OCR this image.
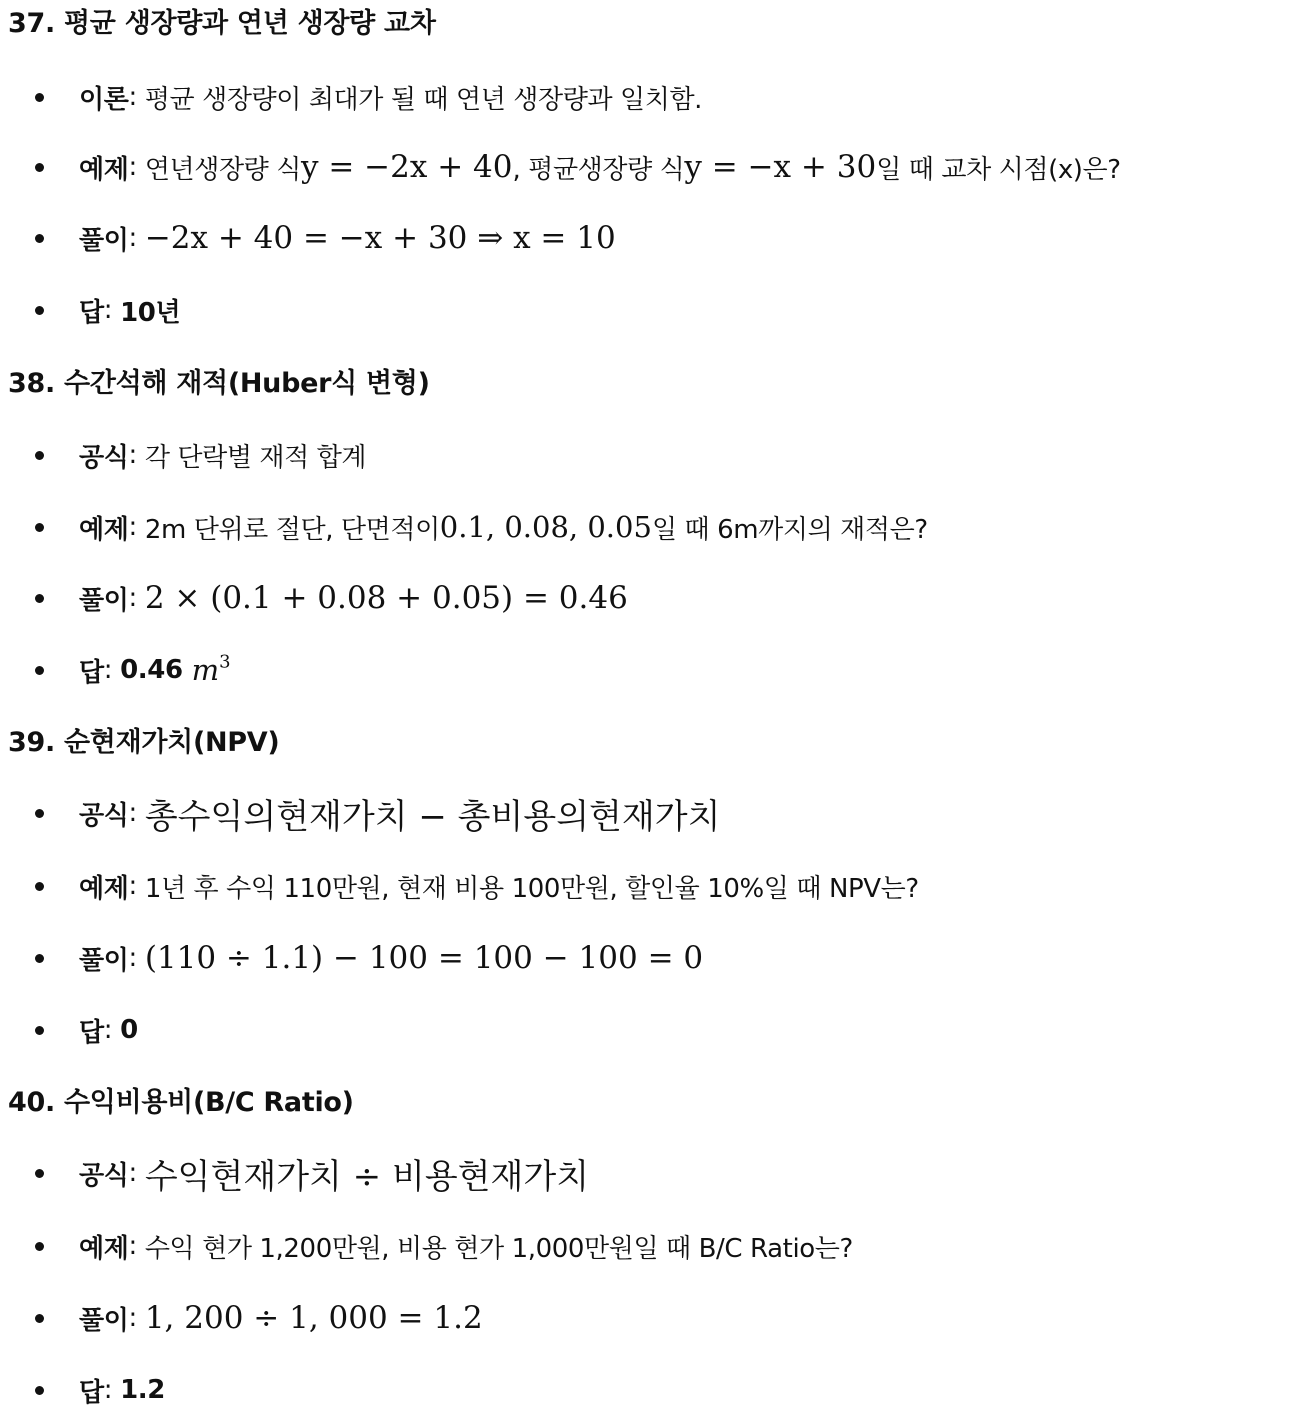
37. 평균 생장량과 연년 생장량 교차
이론 : 평균 생장량이 최대가 될 때 연년 생장량과 일치함.
예제 : 연년생장량 식 y = −2x + 40 , 평균생장량 식 y = −x + 30 일 때 교차 시점(x)은?
풀이 : −2x + 40 = −x + 30 ⇒ x = 10
답 : 10년
38. 수간석해 재적(Huber식 변형)
공식 : 각 단락별 재적 합계
예제 : 2m 단위로 절단, 단면적이 0.1, 0.08, 0.05 일 때 6m까지의 재적은?
풀이 : 2 × (0.1 + 0.08 + 0.05) = 0.46
답 : 0.46 $m^3$
39. 순현재가치(NPV)
공식 : 총수익의현재가치 − 총비용의현재가치
예제 : 1년 후 수익 110만원, 현재 비용 100만원, 할인율 10%일 때 NPV는?
풀이 : (110 ÷ 1.1) − 100 = 100 − 100 = 0
답 : 0
40. 수익비용비(B/C Ratio)
공식 : 수익현재가치 ÷ 비용현재가치
예제 : 수익 현가 1,200만원, 비용 현가 1,000만원일 때 B/C Ratio는?
풀이 : 1, 200 ÷ 1, 000 = 1.2
답 : 1.2
